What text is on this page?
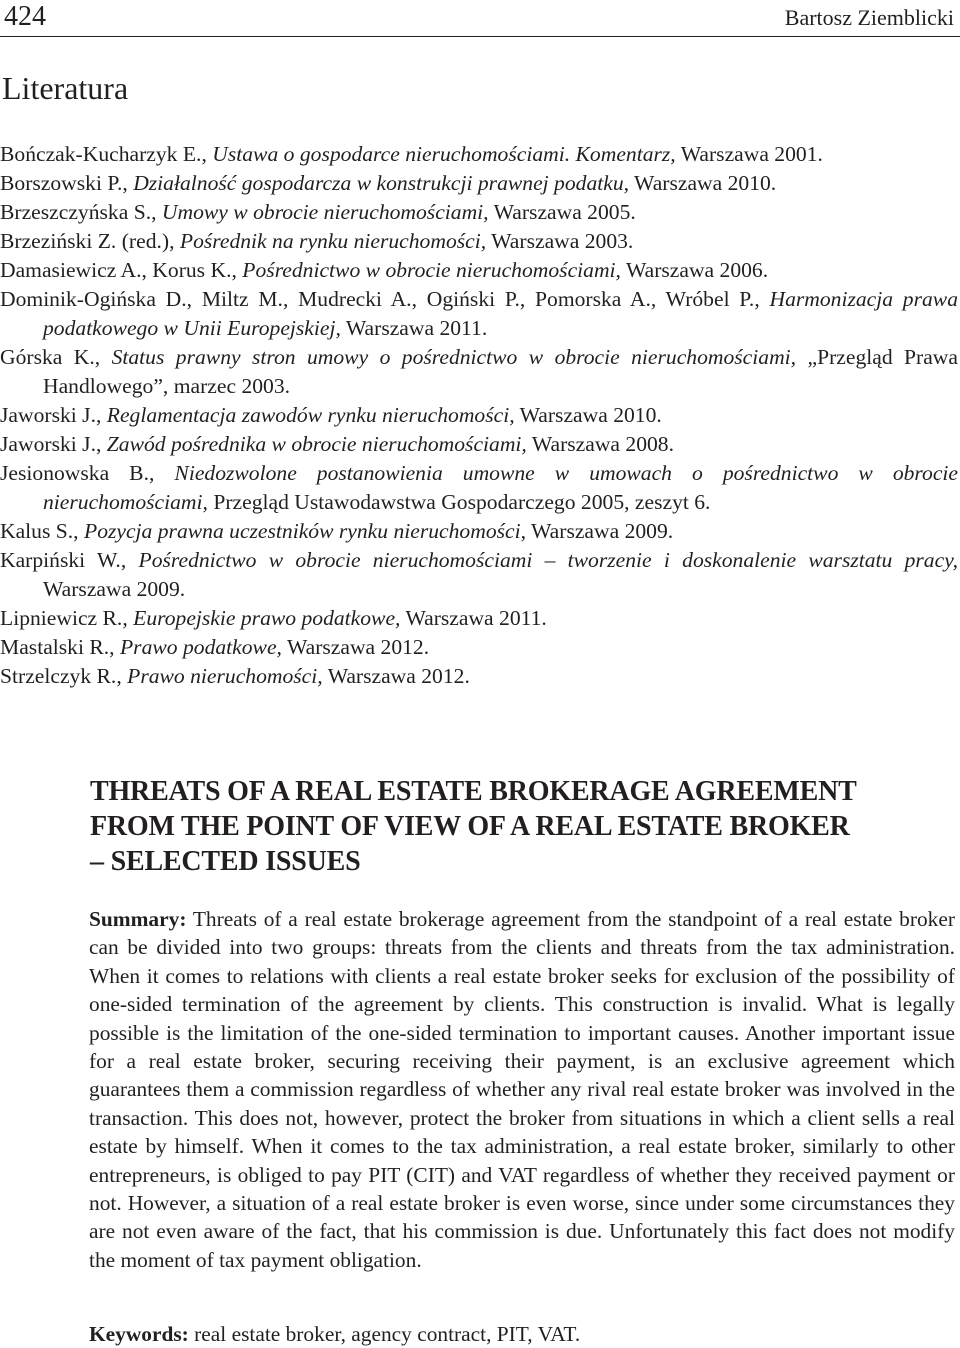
424	Bartosz Ziemblicki
Literatura
Bończak-Kucharzyk E., Ustawa o gospodarce nieruchomościami. Komentarz, Warszawa 2001.
Borszowski P., Działalność gospodarcza w konstrukcji prawnej podatku, Warszawa 2010.
Brzeszczyńska S., Umowy w obrocie nieruchomościami, Warszawa 2005.
Brzeziński Z. (red.), Pośrednik na rynku nieruchomości, Warszawa 2003.
Damasiewicz A., Korus K., Pośrednictwo w obrocie nieruchomościami, Warszawa 2006.
Dominik-Ogińska D., Miltz M., Mudrecki A., Ogiński P., Pomorska A., Wróbel P., Harmonizacja prawa podatkowego w Unii Europejskiej, Warszawa 2011.
Górska K., Status prawny stron umowy o pośrednictwo w obrocie nieruchomościami, „Przegląd Prawa Handlowego”, marzec 2003.
Jaworski J., Reglamentacja zawodów rynku nieruchomości, Warszawa 2010.
Jaworski J., Zawód pośrednika w obrocie nieruchomościami, Warszawa 2008.
Jesionowska B., Niedozwolone postanowienia umowne w umowach o pośrednictwo w obrocie nieruchomościami, Przegląd Ustawodawstwa Gospodarczego 2005, zeszyt 6.
Kalus S., Pozycja prawna uczestników rynku nieruchomości, Warszawa 2009.
Karpiński W., Pośrednictwo w obrocie nieruchomościami – tworzenie i doskonalenie warsztatu pracy, Warszawa 2009.
Lipniewicz R., Europejskie prawo podatkowe, Warszawa 2011.
Mastalski R., Prawo podatkowe, Warszawa 2012.
Strzelczyk R., Prawo nieruchomości, Warszawa 2012.
THREATS OF A REAL ESTATE BROKERAGE AGREEMENT
FROM THE POINT OF VIEW OF A REAL ESTATE BROKER
– SELECTED ISSUES
Summary: Threats of a real estate brokerage agreement from the standpoint of a real estate broker can be divided into two groups: threats from the clients and threats from the tax administration. When it comes to relations with clients a real estate broker seeks for exclusion of the possibility of one-sided termination of the agreement by clients. This construction is invalid. What is legally possible is the limitation of the one-sided termination to important causes. Another important issue for a real estate broker, securing receiving their payment, is an exclusive agreement which guarantees them a commission regardless of whether any rival real estate broker was involved in the transaction. This does not, however, protect the broker from situations in which a client sells a real estate by himself. When it comes to the tax administration, a real estate broker, similarly to other entrepreneurs, is obliged to pay PIT (CIT) and VAT regardless of whether they received payment or not. However, a situation of a real estate broker is even worse, since under some circumstances they are not even aware of the fact, that his commission is due. Unfortunately this fact does not modify the moment of tax payment obligation.
Keywords: real estate broker, agency contract, PIT, VAT.
